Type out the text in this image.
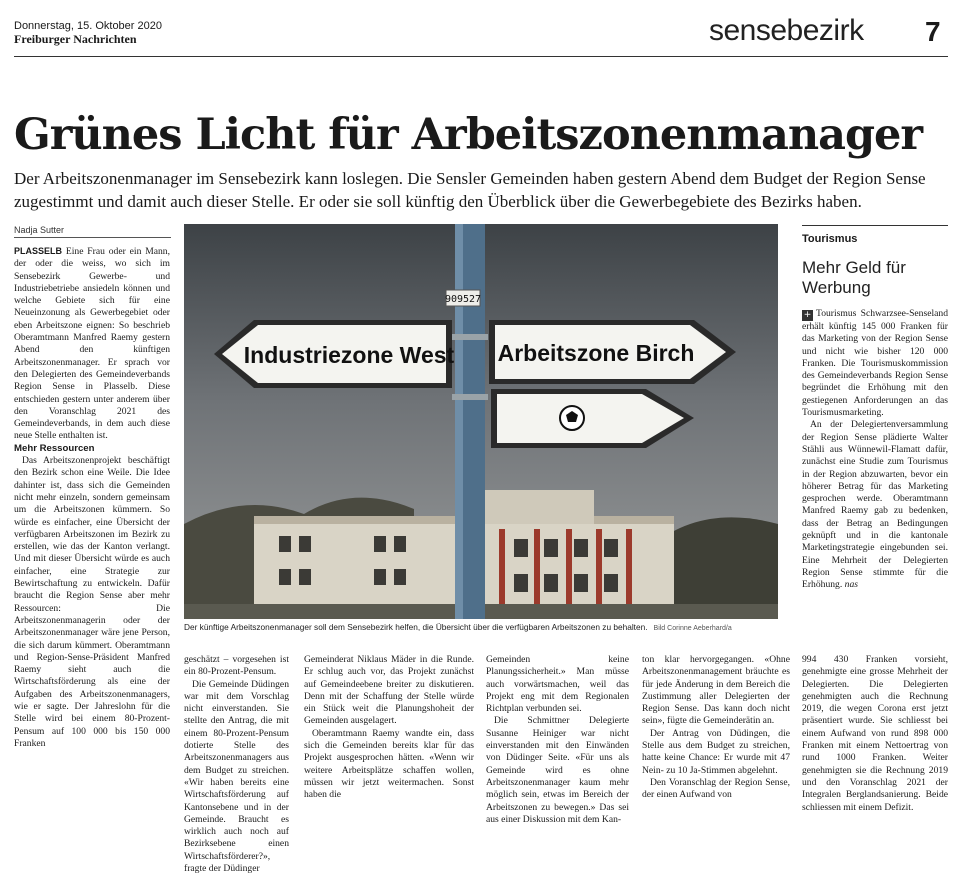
Donnerstag, 15. Oktober 2020
Freiburger Nachrichten	sensebezirk 7
Grünes Licht für Arbeitszonenmanager
Der Arbeitszonenmanager im Sensebezirk kann loslegen. Die Sensler Gemeinden haben gestern Abend dem Budget der Region Sense zugestimmt und damit auch dieser Stelle. Er oder sie soll künftig den Überblick über die Gewerbegebiete des Bezirks haben.
Nadja Sutter

PLASSELB Eine Frau oder ein Mann, der oder die weiss, wo sich im Sensebezirk Gewerbe- und Industriebetriebe ansiedeln können und welche Gebiete sich für eine Neueinzonung als Gewerbegebiet oder eben Arbeitszone eignen: So beschrieb Oberamtmann Manfred Raemy gestern Abend den künftigen Arbeitszonenmanager. Er sprach vor den Delegierten des Gemeindeverbands Region Sense in Plasselb. Diese entschieden gestern unter anderem über den Voranschlag 2021 des Gemeindeverbands, in dem auch diese neue Stelle enthalten ist.

Mehr Ressourcen

Das Arbeitszonenprojekt beschäftigt den Bezirk schon eine Weile. Die Idee dahinter ist, dass sich die Gemeinden nicht mehr einzeln, sondern gemeinsam um die Arbeitszonen kümmern. So würde es einfacher, eine Übersicht der verfügbaren Arbeitszonen im Bezirk zu erstellen, wie das der Kanton verlangt. Und mit dieser Übersicht würde es auch einfacher, eine Strategie zur Bewirtschaftung zu entwickeln. Dafür braucht die Region Sense aber mehr Ressourcen: Die Arbeitszonenmanagerin oder der Arbeitszonenmanager wäre jene Person, die sich darum kümmert. Oberamtmann und Region-Sense-Präsident Manfred Raemy sieht auch die Wirtschaftsförderung als eine der Aufgaben des Arbeitszonenmanagers, wie er sagte. Der Jahreslohn für die Stelle wird bei einem 80-Prozent-Pensum auf 100 000 bis 150 000 Franken

909527
Industriezone West Arbeitszone Birch
Der künftige Arbeitszonenmanager soll dem Sensebezirk helfen, die Übersicht über die verfügbaren Arbeitszonen zu behalten. Bild Corinne Aeberhard/a

geschätzt – vorgesehen ist ein 80-Prozent-Pensum.

Die Gemeinde Düdingen war mit dem Vorschlag nicht einverstanden. Sie stellte den Antrag, die mit einem 80-Prozent-Pensum dotierte Stelle des Arbeitszonenmanagers aus dem Budget zu streichen. «Wir haben bereits eine Wirtschaftsförderung auf Kantonsebene und in der Gemeinde. Braucht es wirklich auch noch auf Bezirksebene einen Wirtschaftsförderer?», fragte der Düdinger

Gemeinderat Niklaus Mäder in die Runde. Er schlug auch vor, das Projekt zunächst auf Gemeindeebene breiter zu diskutieren. Denn mit der Schaffung der Stelle würde ein Stück weit die Planungshoheit der Gemeinden ausgelagert.

Oberamtmann Raemy wandte ein, dass sich die Gemeinden bereits klar für das Projekt ausgesprochen hätten. «Wenn wir weitere Arbeitsplätze schaffen wollen, müssen wir jetzt weitermachen. Sonst haben die

Gemeinden keine Planungssicherheit.» Man müsse auch vorwärtsmachen, weil das Projekt eng mit dem Regionalen Richtplan verbunden sei.

Die Schmittner Delegierte Susanne Heiniger war nicht einverstanden mit den Einwänden von Düdinger Seite. «Für uns als Gemeinde wird es ohne Arbeitszonenmanager kaum mehr möglich sein, etwas im Bereich der Arbeitszonen zu bewegen.» Das sei aus einer Diskussion mit dem Kan-

ton klar hervorgegangen. «Ohne Arbeitszonenmanagement bräuchte es für jede Änderung in dem Bereich die Zustimmung aller Delegierten der Region Sense. Das kann doch nicht sein», fügte die Gemeinderätin an.

Der Antrag von Düdingen, die Stelle aus dem Budget zu streichen, hatte keine Chance: Er wurde mit 47 Nein- zu 10 Ja-Stimmen abgelehnt.

Den Voranschlag der Region Sense, der einen Aufwand von

Tourismus
Mehr Geld für Werbung

+ Tourismus Schwarzsee-Senseland erhält künftig 145 000 Franken für das Marketing von der Region Sense und nicht wie bisher 120 000 Franken. Die Tourismuskommission des Gemeindeverbands Region Sense begründet die Erhöhung mit den gestiegenen Anforderungen an das Tourismusmarketing.

An der Delegiertenversammlung der Region Sense plädierte Walter Stähli aus Wünnewil-Flamatt dafür, zunächst eine Studie zum Tourismus in der Region abzuwarten, bevor ein höherer Betrag für das Marketing gesprochen werde. Oberamtmann Manfred Raemy gab zu bedenken, dass der Betrag an Bedingungen geknüpft und in die kantonale Marketingstrategie eingebunden sei. Eine Mehrheit der Delegierten Region Sense stimmte für die Erhöhung. nas

994 430 Franken vorsieht, genehmigte eine grosse Mehrheit der Delegierten. Die Delegierten genehmigten auch die Rechnung 2019, die wegen Corona erst jetzt präsentiert wurde. Sie schliesst bei einem Aufwand von rund 898 000 Franken mit einem Nettoertrag von rund 1000 Franken. Weiter genehmigten sie die Rechnung 2019 und den Voranschlag 2021 der Integralen Berglandsanierung. Beide schliessen mit einem Defizit.
